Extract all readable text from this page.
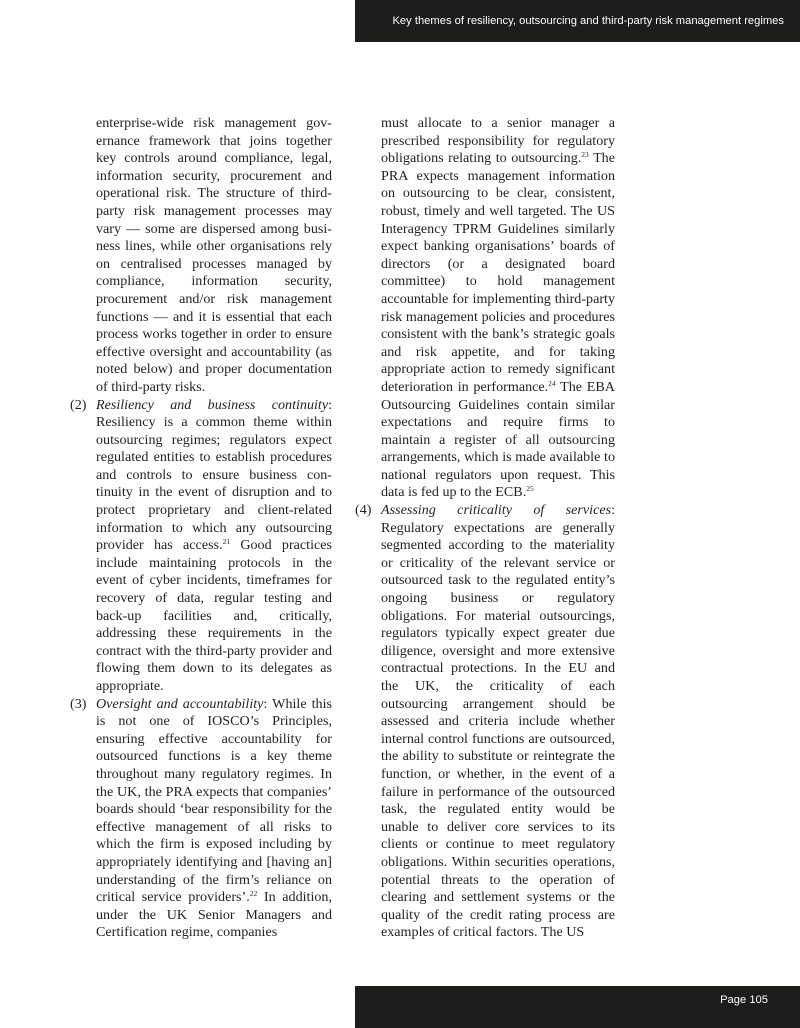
Key themes of resiliency, outsourcing and third-party risk management regimes

enterprise-wide risk management governance framework that joins together key controls around compliance, legal, information security, procurement and operational risk. The structure of third-party risk management processes may vary — some are dispersed among business lines, while other organisations rely on centralised processes managed by compliance, information security, procurement and/or risk management functions — and it is essential that each process works together in order to ensure effective oversight and accountability (as noted below) and proper documentation of third-party risks.

(2) Resiliency and business continuity: Resiliency is a common theme within outsourcing regimes; regulators expect regulated entities to establish procedures and controls to ensure business continuity in the event of disruption and to protect proprietary and client-related information to which any outsourcing provider has access.$^{21}$ Good practices include maintaining protocols in the event of cyber incidents, timeframes for recovery of data, regular testing and back-up facilities and, critically, addressing these requirements in the contract with the third-party provider and flowing them down to its delegates as appropriate.

(3) Oversight and accountability: While this is not one of IOSCO’s Principles, ensuring effective accountability for outsourced functions is a key theme throughout many regulatory regimes. In the UK, the PRA expects that companies’ boards should ‘bear responsibility for the effective management of all risks to which the firm is exposed including by appropriately identifying and [having an] understanding of the firm’s reliance on critical service providers’.$^{22}$ In addition, under the UK Senior Managers and Certification regime, companies

must allocate to a senior manager a prescribed responsibility for regulatory obligations relating to outsourcing.$^{23}$ The PRA expects management information on outsourcing to be clear, consistent, robust, timely and well targeted. The US Interagency TPRM Guidelines similarly expect banking organisations’ boards of directors (or a designated board committee) to hold management accountable for implementing third-party risk management policies and procedures consistent with the bank’s strategic goals and risk appetite, and for taking appropriate action to remedy significant deterioration in performance.$^{24}$ The EBA Outsourcing Guidelines contain similar expectations and require firms to maintain a register of all outsourcing arrangements, which is made available to national regulators upon request. This data is fed up to the ECB.$^{25}$

(4) Assessing criticality of services: Regulatory expectations are generally segmented according to the materiality or criticality of the relevant service or outsourced task to the regulated entity’s ongoing business or regulatory obligations. For material outsourcings, regulators typically expect greater due diligence, oversight and more extensive contractual protections. In the EU and the UK, the criticality of each outsourcing arrangement should be assessed and criteria include whether internal control functions are outsourced, the ability to substitute or reintegrate the function, or whether, in the event of a failure in performance of the outsourced task, the regulated entity would be unable to deliver core services to its clients or continue to meet regulatory obligations. Within securities operations, potential threats to the operation of clearing and settlement systems or the quality of the credit rating process are examples of critical factors. The US

Page 105
